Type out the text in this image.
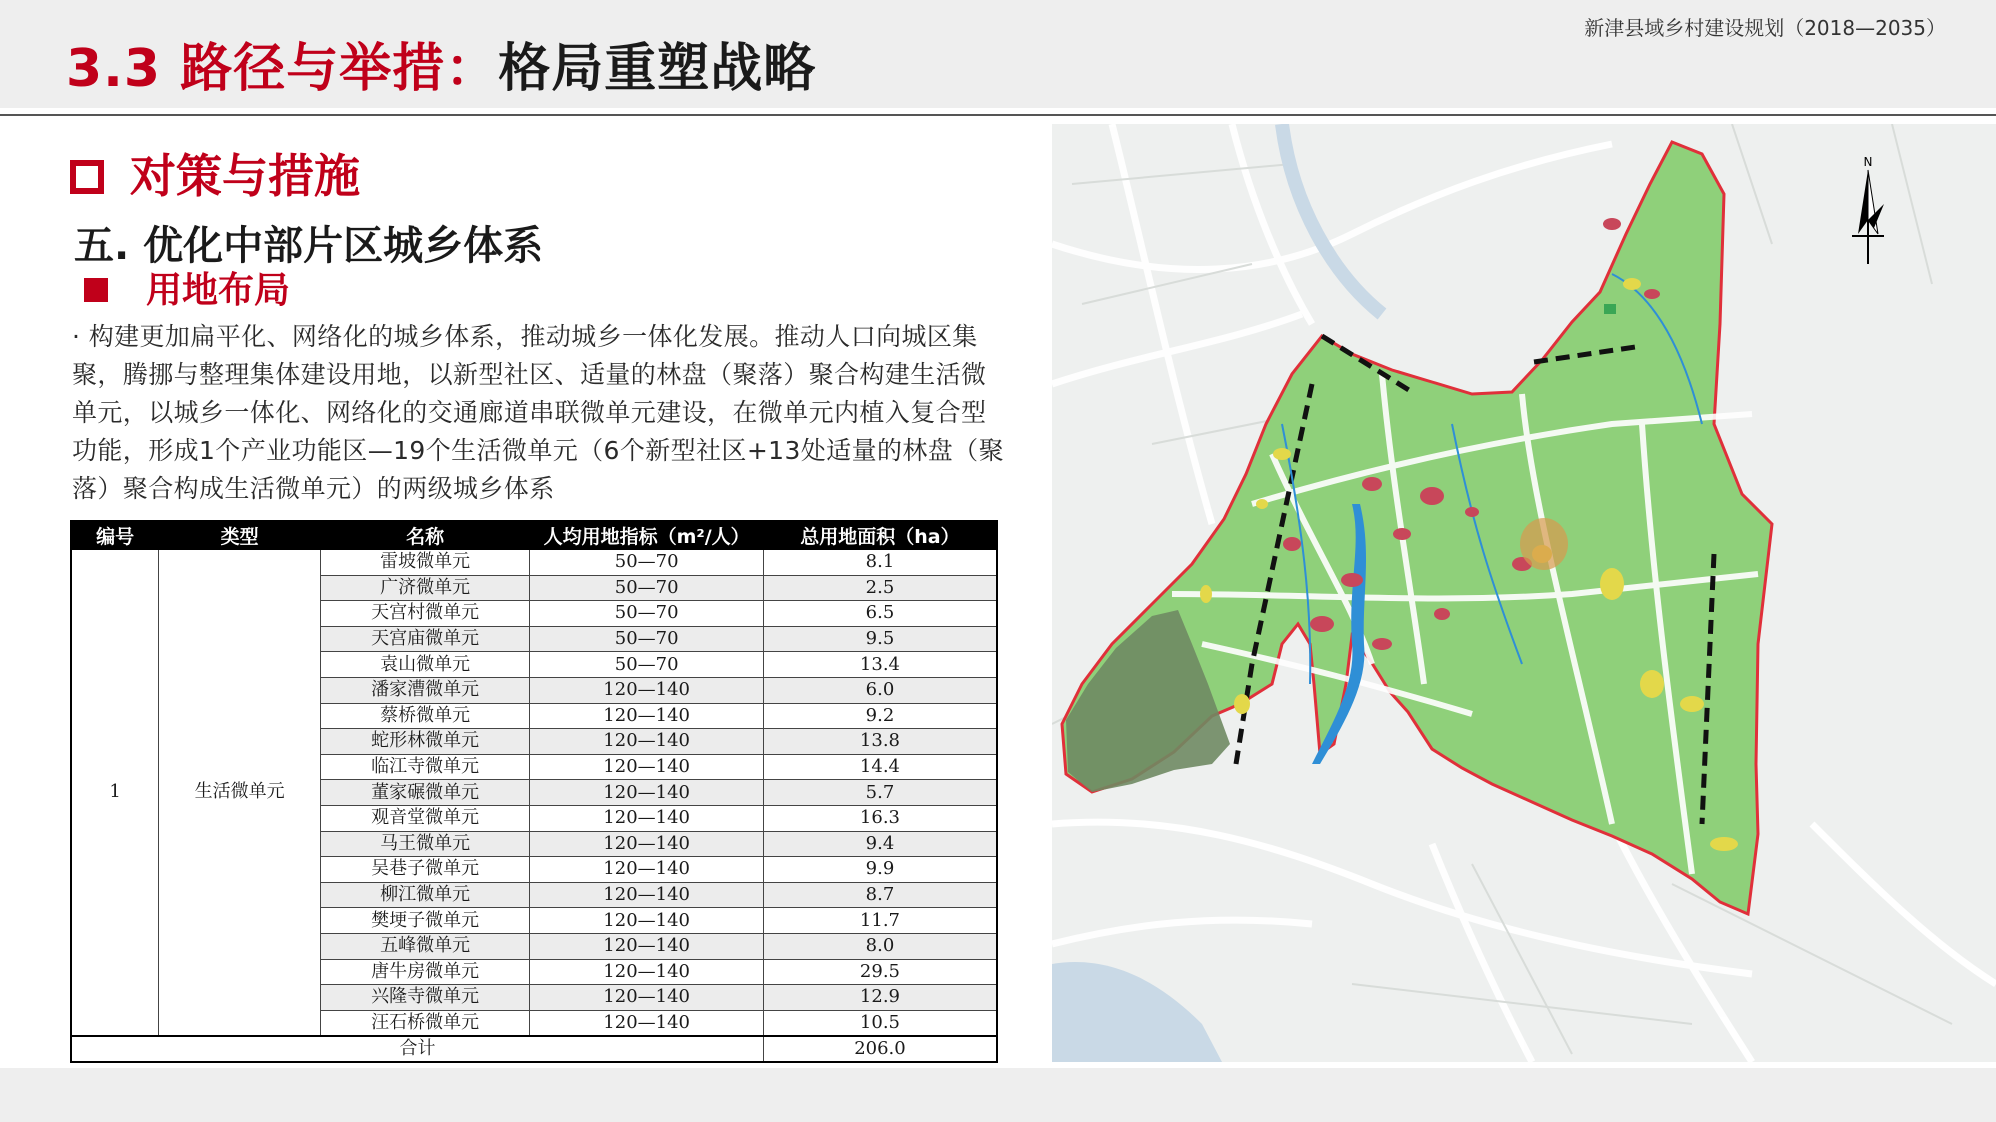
3.3 路径与举措：格局重塑战略
对策与措施
五. 优化中部片区城乡体系
用地布局
· 构建更加扁平化、网络化的城乡体系，推动城乡一体化发展。推动人口向城区集
聚，腾挪与整理集体建设用地，以新型社区、适量的林盘（聚落）聚合构建生活微
单元，以城乡一体化、网络化的交通廊道串联微单元建设，在微单元内植入复合型
功能，形成1个产业功能区—19个生活微单元（6个新型社区+13处适量的林盘（聚
落）聚合构成生活微单元）的两级城乡体系
编号	类型	名称	人均用地指标（m²/人）	总用地面积（ha）
1	生活微单元	雷坡微单元	50—70	8.1
		广济微单元	50—70	2.5
		天宫村微单元	50—70	6.5
		天宫庙微单元	50—70	9.5
		袁山微单元	50—70	13.4
		潘家漕微单元	120—140	6.0
		蔡桥微单元	120—140	9.2
		蛇形林微单元	120—140	13.8
		临江寺微单元	120—140	14.4
		董家碾微单元	120—140	5.7
		观音堂微单元	120—140	16.3
		马王微单元	120—140	9.4
		吴巷子微单元	120—140	9.9
		柳江微单元	120—140	8.7
		樊埂子微单元	120—140	11.7
		五峰微单元	120—140	8.0
		唐牛房微单元	120—140	29.5
		兴隆寺微单元	120—140	12.9
		汪石桥微单元	120—140	10.5
合计				206.0
N
新津县域乡村建设规划（2018—2035）
